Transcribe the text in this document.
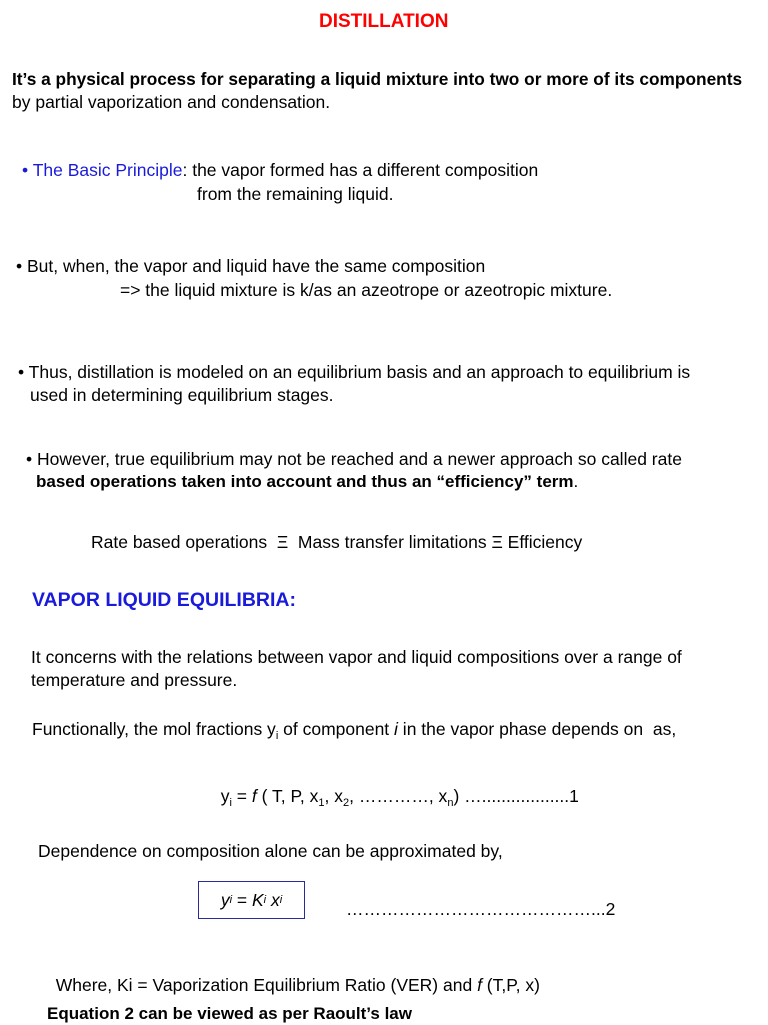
DISTILLATION
It’s a physical process for separating a liquid mixture into two or more of its components
by partial vaporization and condensation.
• The Basic Principle: the vapor formed has a different composition
from the remaining liquid.
• But, when, the vapor and liquid have the same composition
=> the liquid mixture is k/as an azeotrope or azeotropic mixture.
• Thus, distillation is modeled on an equilibrium basis and an approach to equilibrium is
used in determining equilibrium stages.
• However, true equilibrium may not be reached and a newer approach so called rate
based operations taken into account and thus an “efficiency” term.
Rate based operations  Ξ  Mass transfer limitations Ξ Efficiency
VAPOR LIQUID EQUILIBRIA:
It concerns with the relations between vapor and liquid compositions over a range of
temperature and pressure.
Functionally, the mol fractions $y_i$ of component i in the vapor phase depends on  as,

$y_i = f$ ( T, P, $x_1$, $x_2$, …………, $x_n$) …..................1

Dependence on composition alone can be approximated by,
y i = K i x i	……………………………………...2

Where, Ki = Vaporization Equilibrium Ratio (VER) and f (T,P, x)

Equation 2 can be viewed as per Raoult’s law
